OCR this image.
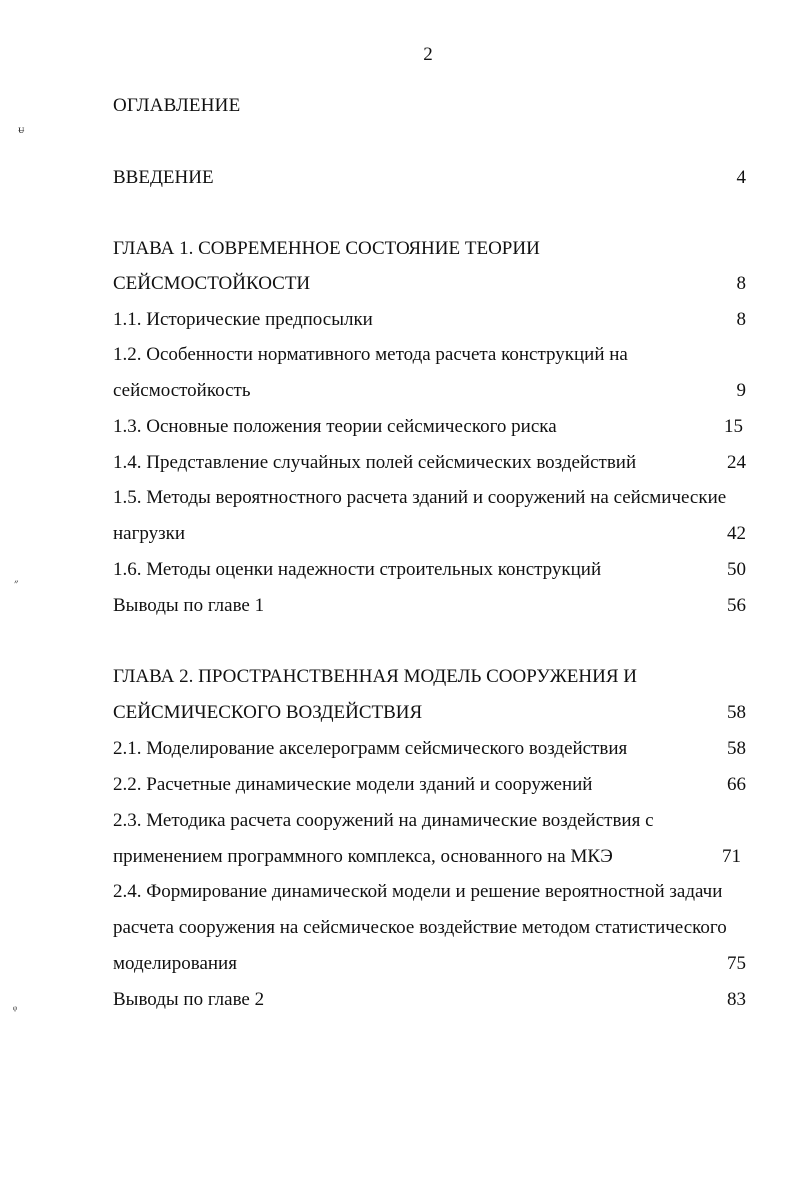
2
ОГЛАВЛЕНИЕ
ВВЕДЕНИЕ	4
ГЛАВА 1. СОВРЕМЕННОЕ СОСТОЯНИЕ ТЕОРИИ
СЕЙСМОСТОЙКОСТИ	8
1.1. Исторические предпосылки	8
1.2. Особенности нормативного метода расчета конструкций на
сейсмостойкость	9
1.3. Основные положения теории сейсмического риска	15
1.4. Представление случайных полей сейсмических воздействий	24
1.5. Методы вероятностного расчета зданий и сооружений на сейсмические
нагрузки	42
1.6. Методы оценки надежности строительных конструкций	50
Выводы по главе 1	56
ГЛАВА 2. ПРОСТРАНСТВЕННАЯ МОДЕЛЬ СООРУЖЕНИЯ И
СЕЙСМИЧЕСКОГО ВОЗДЕЙСТВИЯ	58
2.1. Моделирование акселерограмм сейсмического воздействия	58
2.2. Расчетные динамические модели зданий и сооружений	66
2.3. Методика расчета сооружений на динамические воздействия с
применением программного комплекса, основанного на МКЭ	71
2.4. Формирование динамической модели и решение вероятностной задачи
расчета сооружения на сейсмическое воздействие методом статистического
моделирования	75
Выводы по главе 2	83
ᵾ
״
ᵩ
